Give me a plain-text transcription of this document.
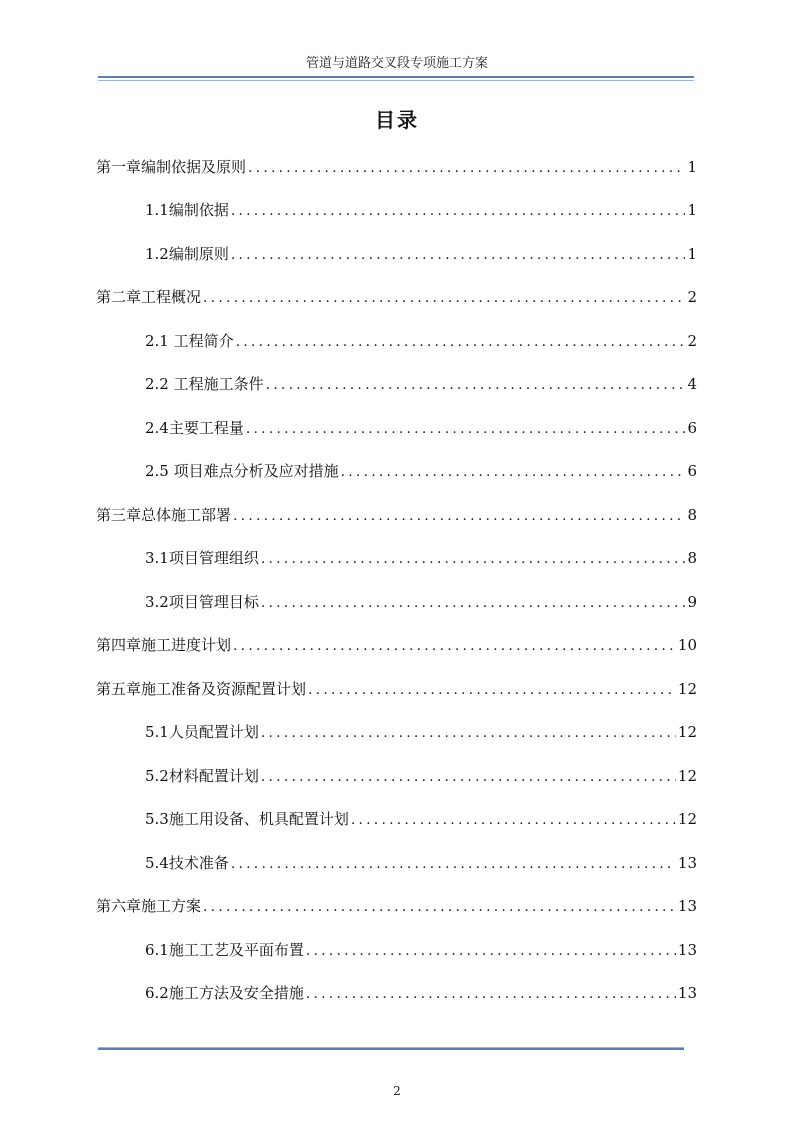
管道与道路交叉段专项施工方案
目录
第一章编制依据及原则 .....	1
1.1编制依据 .....	1
1.2编制原则 .....	1
第二章工程概况 .....	2
2.1 工程简介 .....	2
2.2 工程施工条件 .....	4
2.4主要工程量 .....	6
2.5 项目难点分析及应对措施 .....	6
第三章总体施工部署 .....	8
3.1项目管理组织 .....	8
3.2项目管理目标 .....	9
第四章施工进度计划 .....	10
第五章施工准备及资源配置计划 .....	12
5.1人员配置计划 .....	12
5.2材料配置计划 .....	12
5.3施工用设备、机具配置计划 .....	12
5.4技术准备 .....	13
第六章施工方案 .....	13
6.1施工工艺及平面布置 .....	13
6.2施工方法及安全措施 .....	13
2
